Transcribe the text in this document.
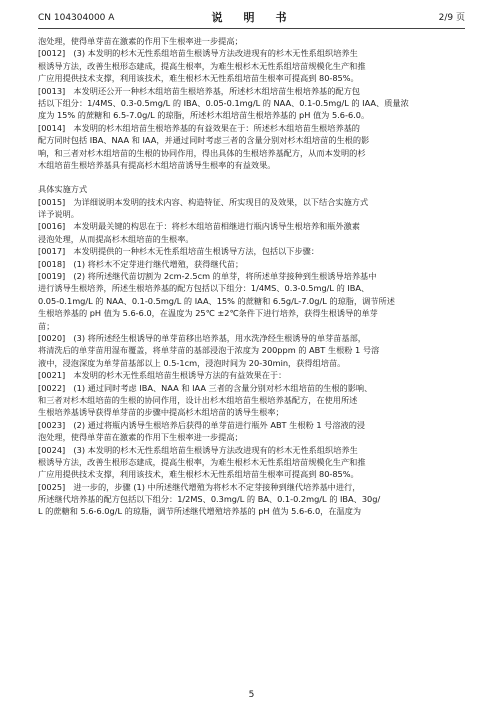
CN 104304000 A	说　明　书	2/9 页
泡处理，使得单芽苗在激素的作用下生根率进一步提高；
[0012]　(3) 本发明的杉木无性系组培苗生根诱导方法改进现有的杉木无性系组织培养生
根诱导方法，改善生根形态建成，提高生根率，为难生根杉木无性系组培苗规模化生产和推
广应用提供技术支撑，利用该技术，难生根杉木无性系组培苗生根率可提高到 80-85%。
[0013]　本发明还公开一种杉木组培苗生根培养基，所述杉木组培苗生根培养基的配方包
括以下组分：1/4MS、0.3-0.5mg/L 的 IBA、0.05-0.1mg/L 的 NAA、0.1-0.5mg/L 的 IAA、质量浓
度为 15% 的蔗糖和 6.5-7.0g/L 的琼脂，所述杉木组培苗生根培养基的 pH 值为 5.6-6.0。
[0014]　本发明的杉木组培苗生根培养基的有益效果在于：所述杉木组培苗生根培养基的
配方同时包括 IBA、NAA 和 IAA，并通过同时考虑三者的含量分别对杉木组培苗的生根的影
响，和三者对杉木组培苗的生根的协同作用，得出具体的生根培养基配方，从而本发明的杉
木组培苗生根培养基具有提高杉木组培苗诱导生根率的有益效果。
具体实施方式
[0015]　为详细说明本发明的技术内容、构造特征、所实现目的及效果，以下结合实施方式
详予说明。
[0016]　本发明最关键的构思在于：将杉木组培苗相继进行瓶内诱导生根培养和瓶外激素
浸泡处理，从而提高杉木组培苗的生根率。
[0017]　本发明提供的一种杉木无性系组培苗生根诱导方法，包括以下步骤：
[0018]　(1) 将杉木不定芽进行继代增殖，获得继代苗；
[0019]　(2) 将所述继代苗切割为 2cm-2.5cm 的单芽，将所述单芽接种到生根诱导培养基中
进行诱导生根培养，所述生根培养基的配方包括以下组分：1/4MS、0.3-0.5mg/L 的 IBA、
0.05-0.1mg/L 的 NAA、0.1-0.5mg/L 的 IAA、15% 的蔗糖和 6.5g/L-7.0g/L 的琼脂，调节所述
生根培养基的 pH 值为 5.6-6.0，在温度为 25℃ ±2℃条件下进行培养，获得生根诱导的单芽
苗；
[0020]　(3) 将所述经生根诱导的单芽苗移出培养基，用水洗净经生根诱导的单芽苗基部，
将清洗后的单芽苗用湿布覆盖，将单芽苗的基部浸泡于浓度为 200ppm 的 ABT 生根粉 1 号溶
液中，浸泡深度为单芽苗基部以上 0.5-1cm，浸泡时间为 20-30min，获得组培苗。
[0021]　本发明的杉木无性系组培苗生根诱导方法的有益效果在于：
[0022]　(1) 通过同时考虑 IBA、NAA 和 IAA 三者的含量分别对杉木组培苗的生根的影响、
和三者对杉木组培苗的生根的协同作用，设计出杉木组培苗生根培养基配方，在使用所述
生根培养基诱导获得单芽苗的步骤中提高杉木组培苗的诱导生根率；
[0023]　(2) 通过将瓶内诱导生根培养后获得的单芽苗进行瓶外 ABT 生根粉 1 号溶液的浸
泡处理，使得单芽苗在激素的作用下生根率进一步提高；
[0024]　(3) 本发明的杉木无性系组培苗生根诱导方法改进现有的杉木无性系组织培养生
根诱导方法，改善生根形态建成，提高生根率，为难生根杉木无性系组培苗规模化生产和推
广应用提供技术支撑，利用该技术，难生根杉木无性系组培苗生根率可提高到 80-85%。
[0025]　进一步的，步骤 (1) 中所述继代增殖为将杉木不定芽接种到继代培养基中进行，
所述继代培养基的配方包括以下组分：1/2MS、0.3mg/L 的 BA、0.1-0.2mg/L 的 IBA、30g/
L 的蔗糖和 5.6-6.0g/L 的琼脂，调节所述继代增殖培养基的 pH 值为 5.6-6.0，在温度为
5
